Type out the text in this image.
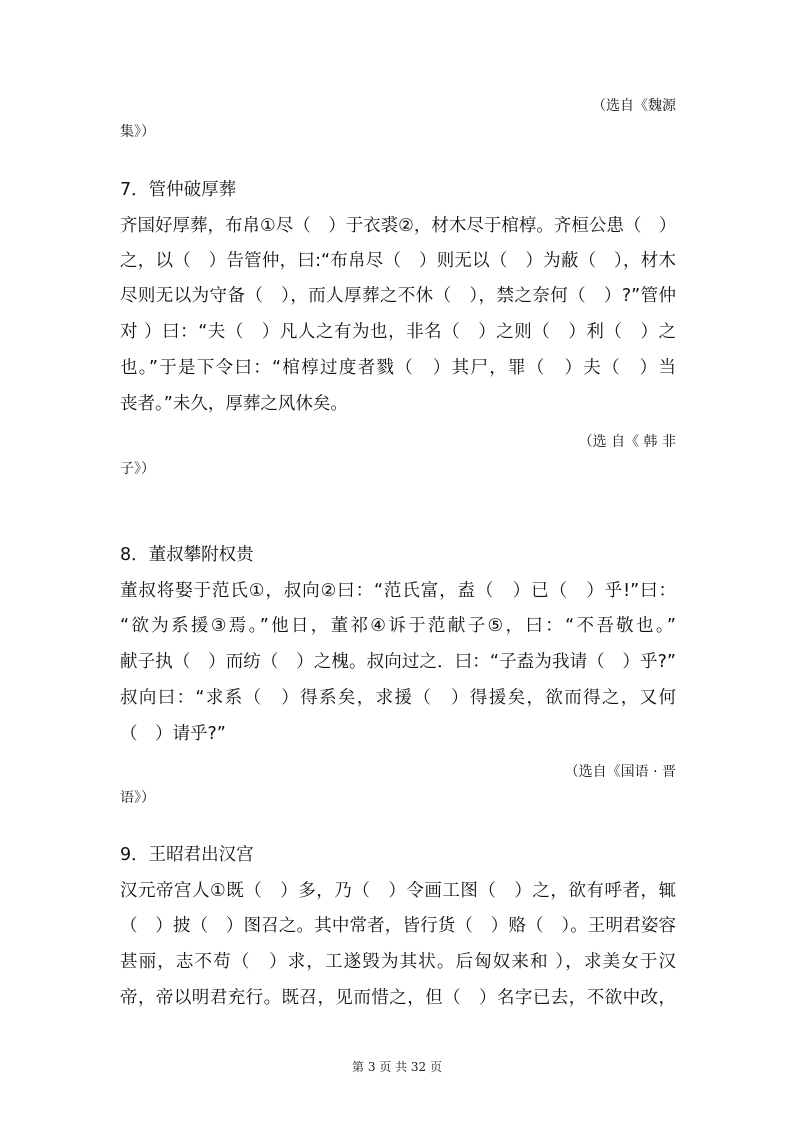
（选自《魏源
集》）
7．管仲破厚葬
齐国好厚葬，布帛①尽（　）于衣裘②，材木尽于棺椁。齐桓公患（　）
之，以（　）告管仲，曰:“布帛尽（　）则无以（　）为蔽（　），材木
尽则无以为守备（　），而人厚葬之不休（　），禁之奈何（　）?”管仲
对 ）曰：“夫（　）凡人之有为也，非名（　）之则（　）利（　）之
也。”于是下令曰：“棺椁过度者戮（　）其尸，罪（　）夫（　）当
丧者。”未久，厚葬之风休矣。
（选 自《 韩 非
子》）
8．董叔攀附权贵
董叔将娶于范氏①，叔向②曰：“范氏富，盍（　）已（　）乎!”曰：
“欲为系援③焉。”他日，董祁④诉于范献子⑤，曰：“不吾敬也。”
献子执（　）而纺（　）之槐。叔向过之．曰：“子盍为我请（　）乎?”
叔向曰：“求系（　）得系矣，求援（　）得援矣，欲而得之，又何
（　）请乎?”
（选自《国语 · 晋
语》）
9．王昭君出汉宫
汉元帝宫人①既（　）多，乃（　）令画工图（　）之，欲有呼者，辄
（　）披（　）图召之。其中常者，皆行货（　）赂（　）。王明君姿容
甚丽，志不苟（　）求，工遂毁为其状。后匈奴来和 ），求美女于汉
帝，帝以明君充行。既召，见而惜之，但（　）名字已去，不欲中改，
第 3 页 共 32 页
